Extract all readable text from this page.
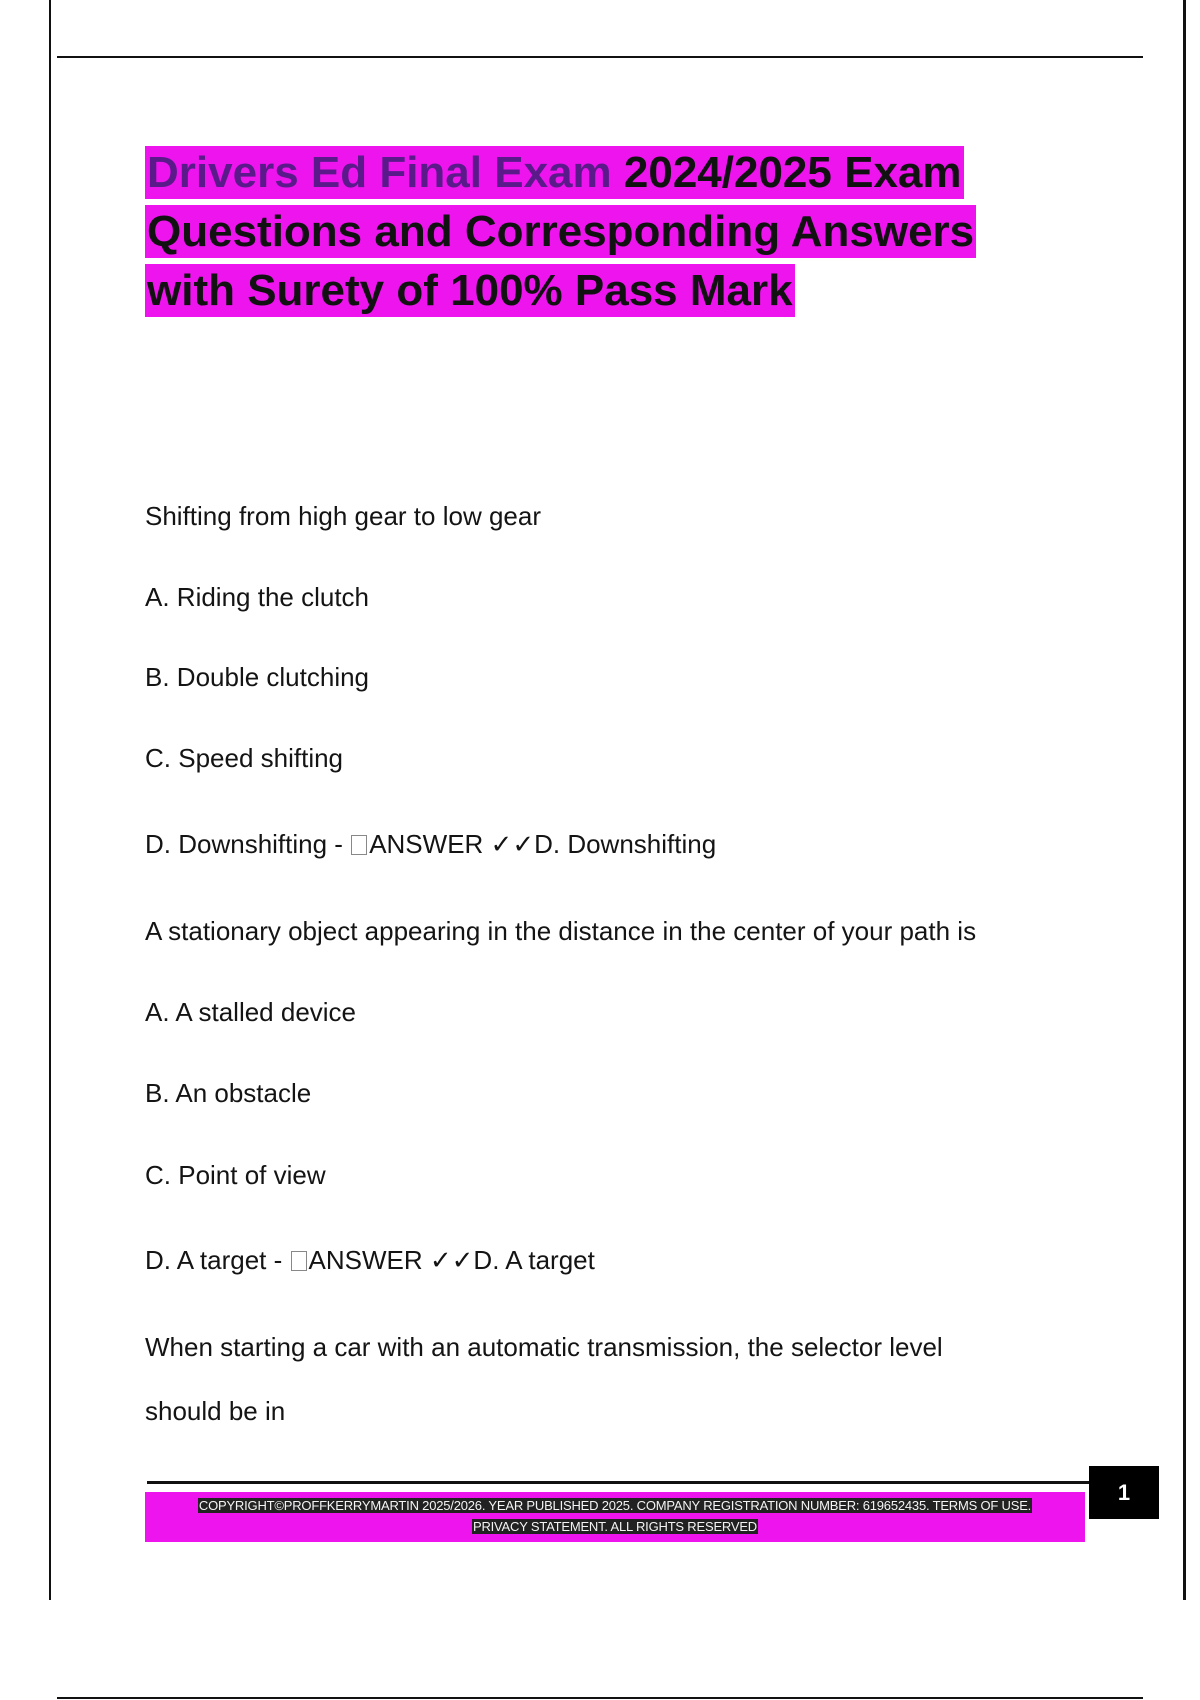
Drivers Ed Final Exam 2024/2025 Exam
Questions and Corresponding Answers
with Surety of 100% Pass Mark
Shifting from high gear to low gear
A. Riding the clutch
B. Double clutching
C. Speed shifting
D. Downshifting - ANSWER ✓✓D. Downshifting
A stationary object appearing in the distance in the center of your path is
A. A stalled device
B. An obstacle
C. Point of view
D. A target - ANSWER ✓✓D. A target
When starting a car with an automatic transmission, the selector level
should be in
COPYRIGHT©PROFFKERRYMARTIN 2025/2026. YEAR PUBLISHED 2025. COMPANY REGISTRATION NUMBER: 619652435. TERMS OF USE.
PRIVACY STATEMENT. ALL RIGHTS RESERVED
1
